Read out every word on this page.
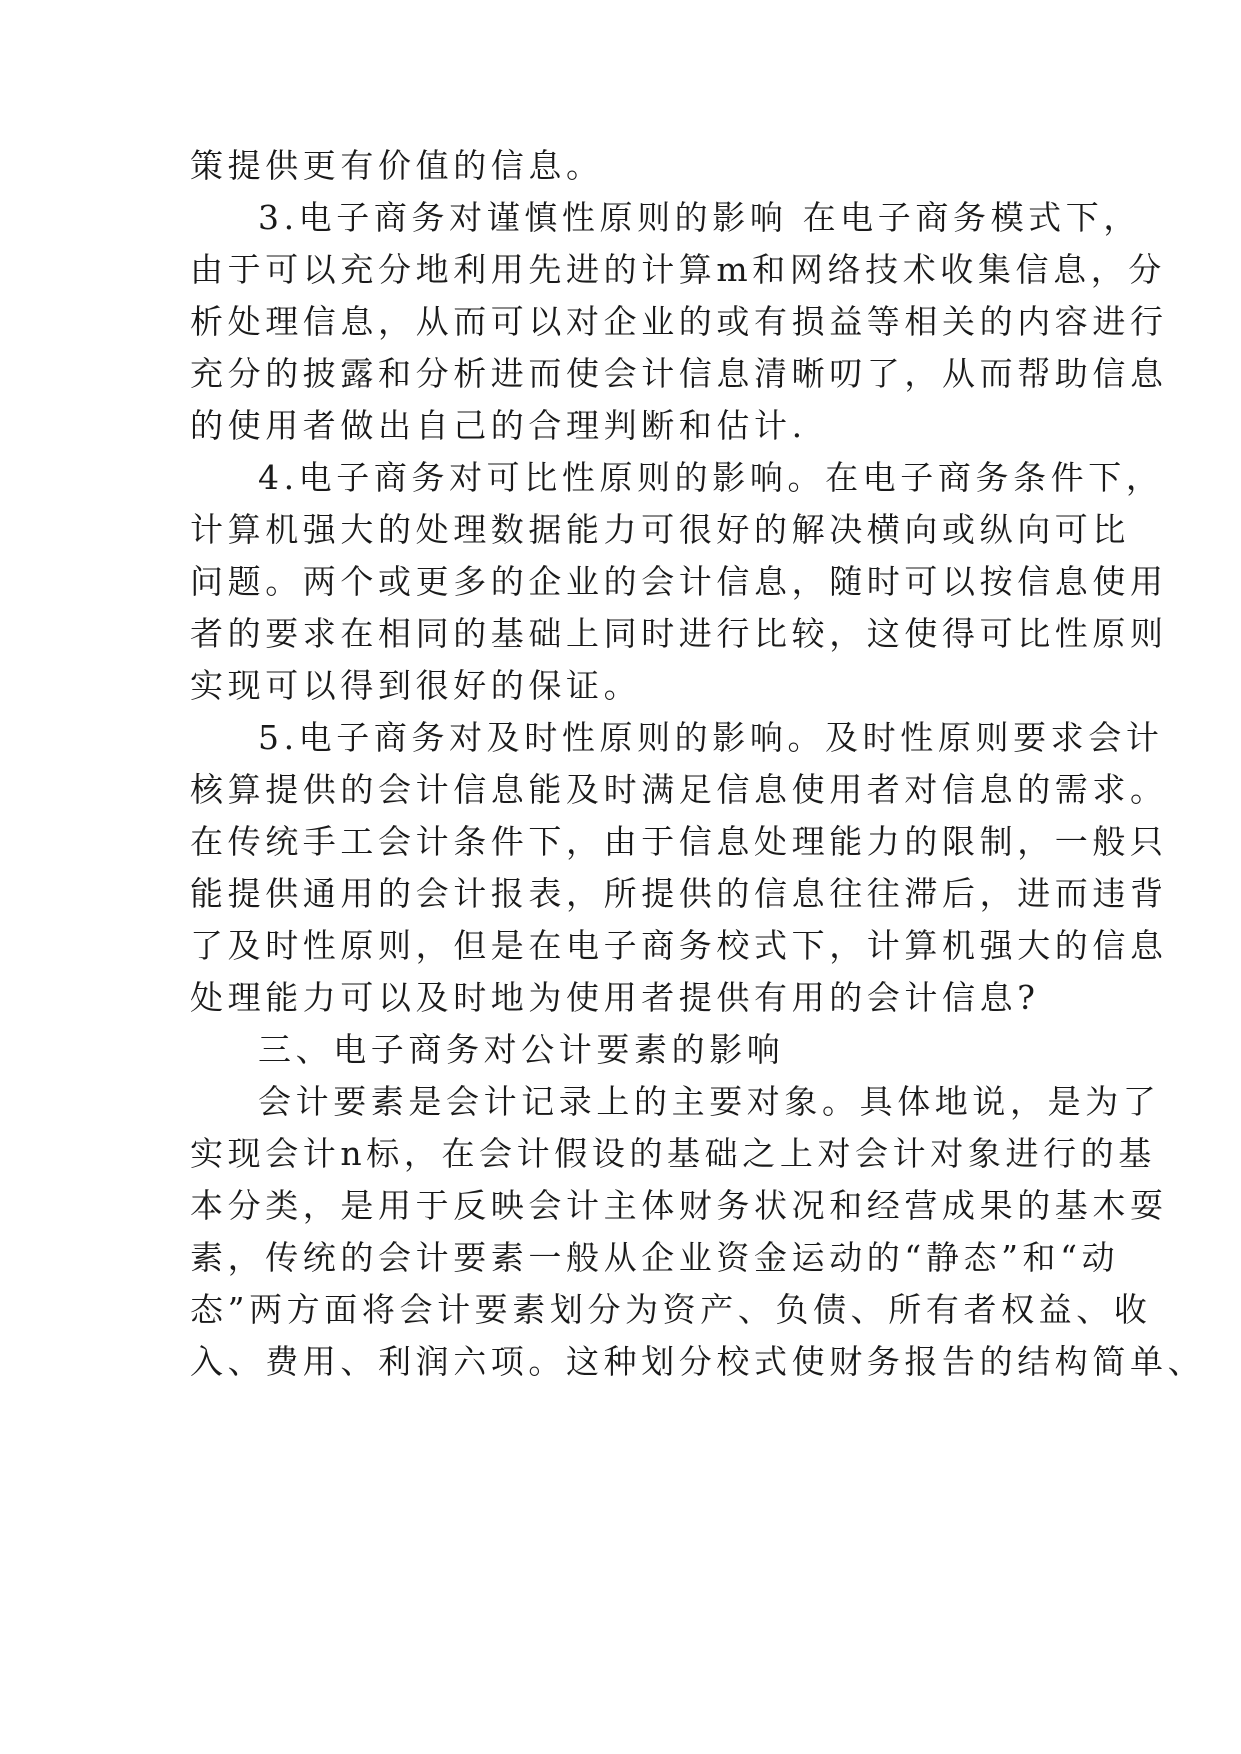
策提供更有价值的信息。
3.电子商务对谨慎性原则的影响 在电子商务模式下，
由于可以充分地利用先进的计算m和网络技术收集信息，分
析处理信息，从而可以对企业的或有损益等相关的内容进行
充分的披露和分析进而使会计信息清晰叨了，从而帮助信息
的使用者做出自己的合理判断和估计.
4.电子商务对可比性原则的影响。在电子商务条件下，
计算机强大的处理数据能力可很好的解决横向或纵向可比
问题。两个或更多的企业的会计信息，随时可以按信息使用
者的要求在相同的基础上同时进行比较，这使得可比性原则
实现可以得到很好的保证。
5.电子商务对及时性原则的影响。及时性原则要求会计
核算提供的会计信息能及时满足信息使用者对信息的需求。
在传统手工会计条件下，由于信息处理能力的限制，一般只
能提供通用的会计报表，所提供的信息往往滞后，进而违背
了及时性原则，但是在电子商务校式下，计算机强大的信息
处理能力可以及时地为使用者提供有用的会计信息?
三、电子商务对公计要素的影响
会计要素是会计记录上的主要对象。具体地说，是为了
实现会计n标，在会计假设的基础之上对会计对象进行的基
本分类，是用于反映会计主体财务状况和经营成果的基木耍
素，传统的会计要素一般从企业资金运动的“静态”和“动
态”两方面将会计要素划分为资产、负债、所有者权益、收
入、费用、利润六项。这种划分校式使财务报告的结构简单、
